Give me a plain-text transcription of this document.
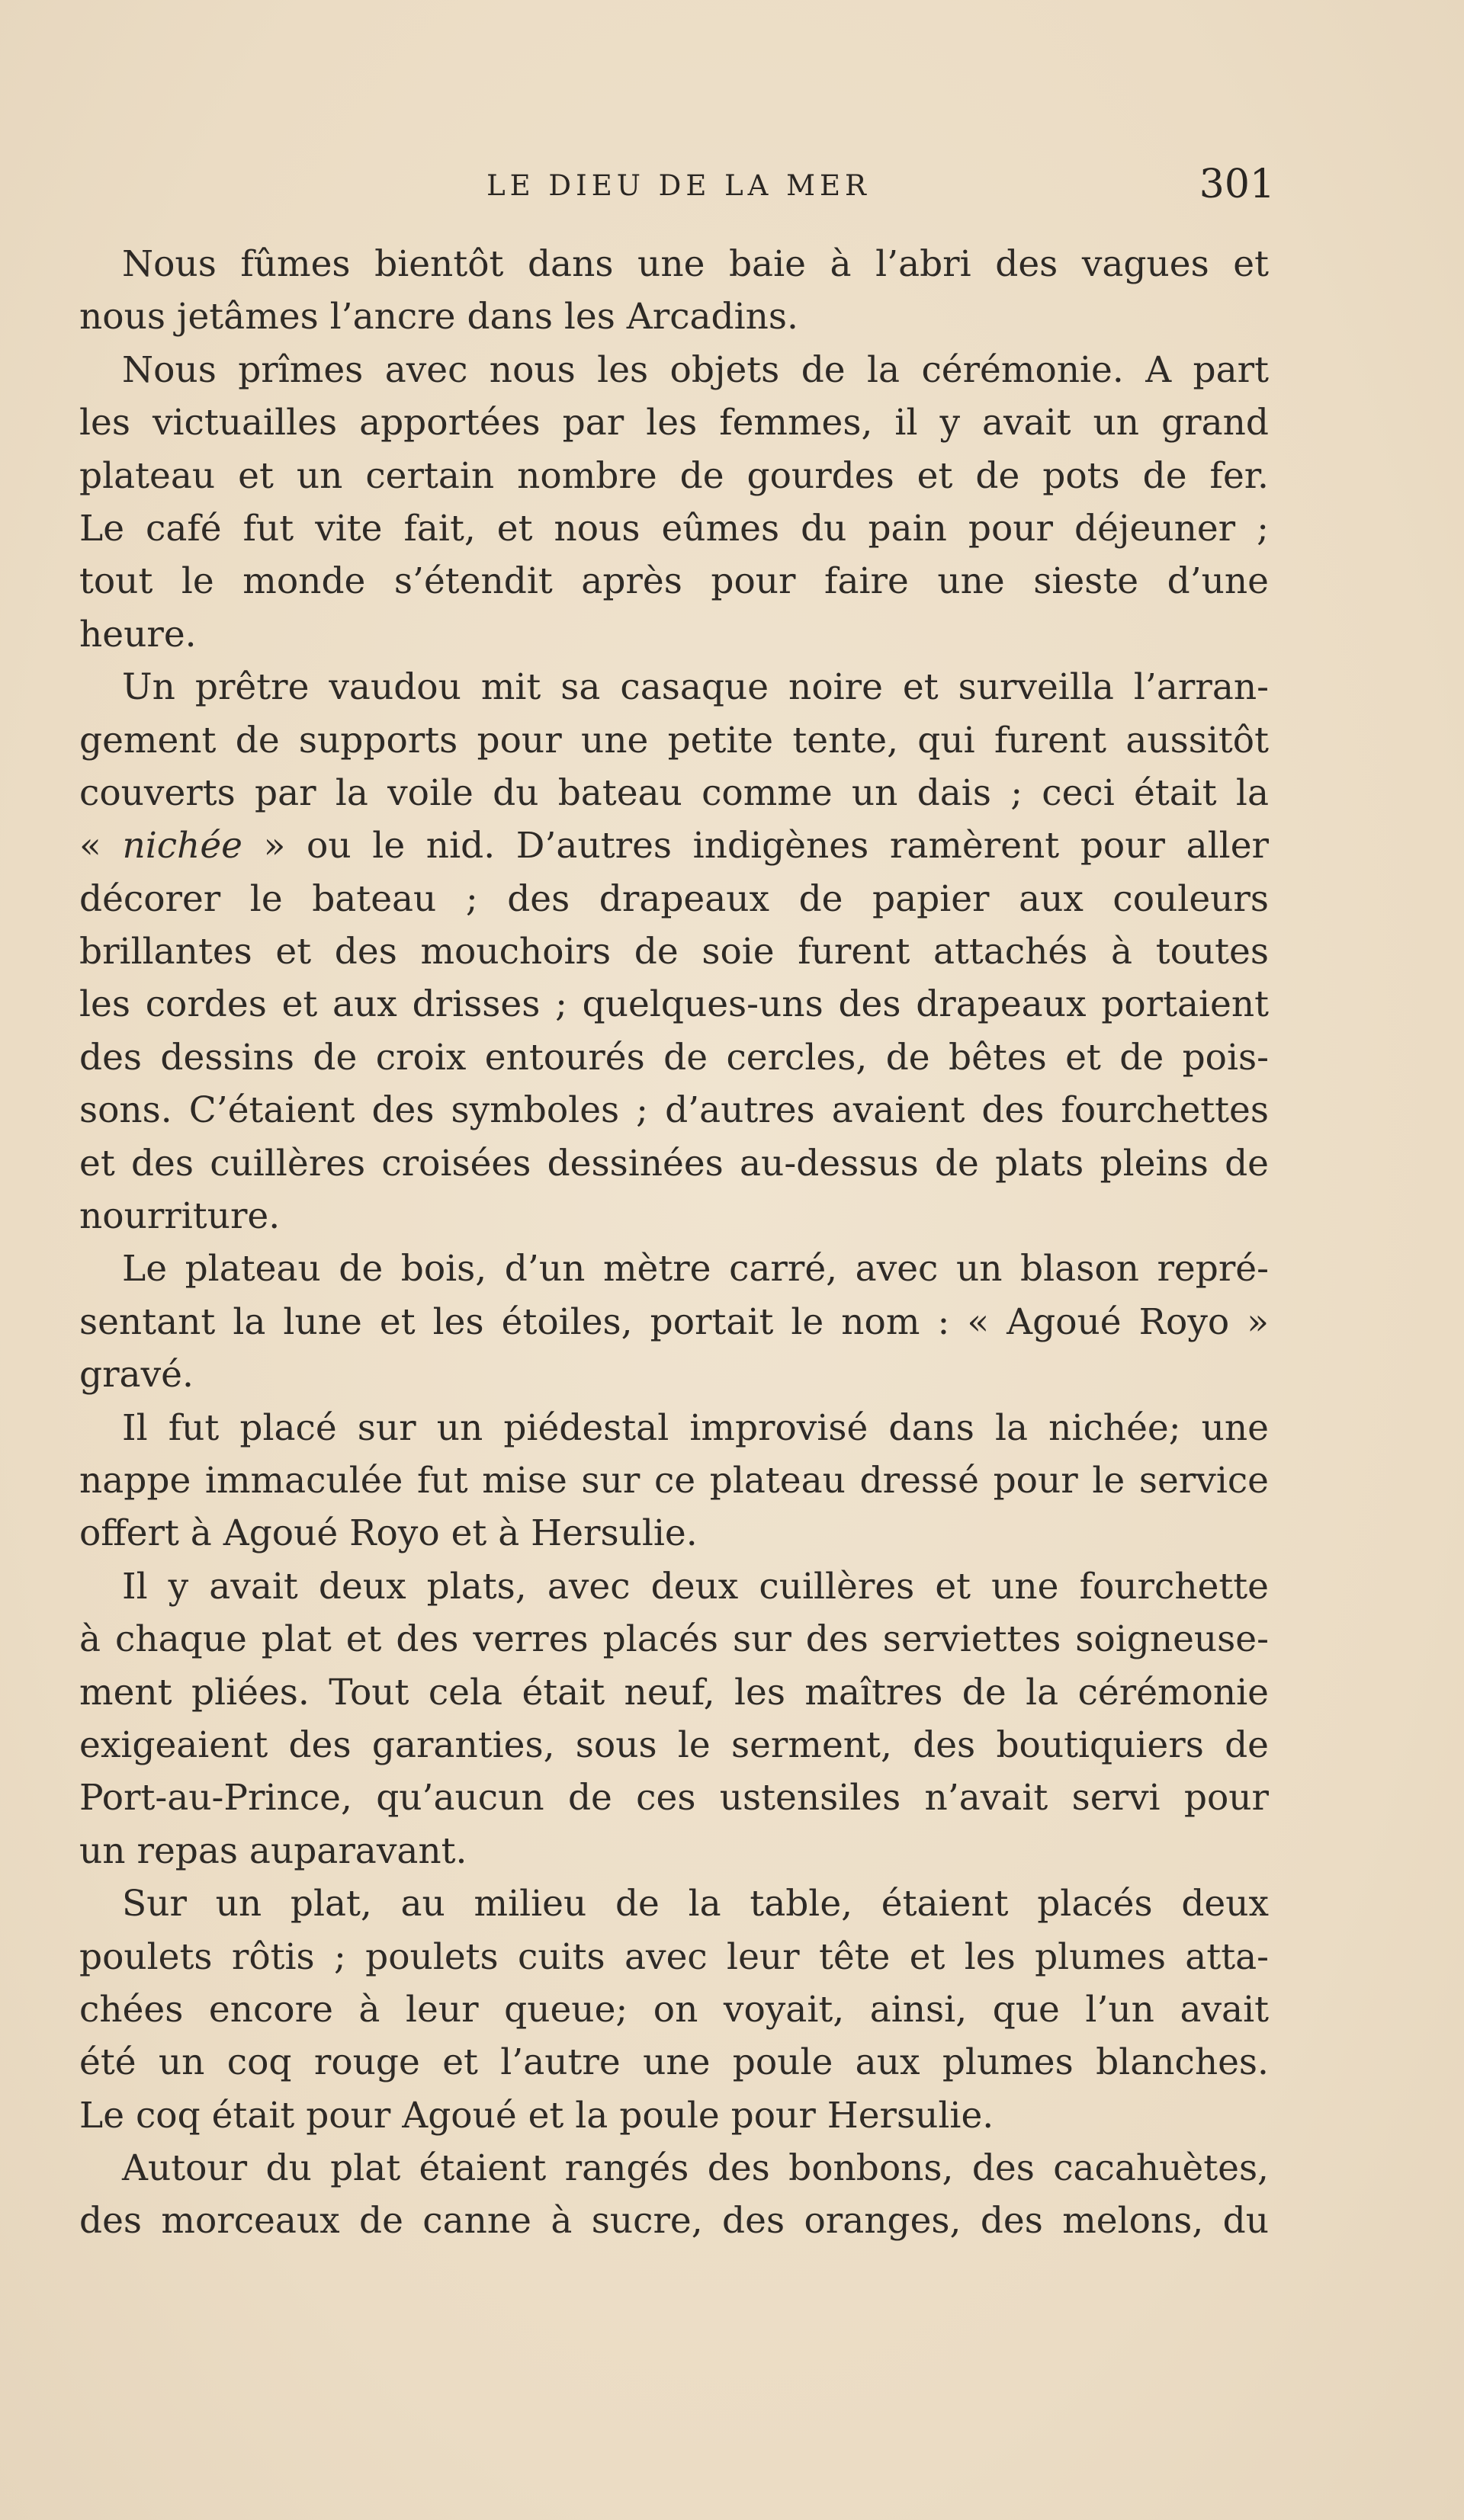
LE DIEU DE LA MER	301
Nous fûmes bientôt dans une baie à l’abri des vagues et
nous jetâmes l’ancre dans les Arcadins.
Nous prîmes avec nous les objets de la cérémonie. A part
les victuailles apportées par les femmes, il y avait un grand
plateau et un certain nombre de gourdes et de pots de fer.
Le café fut vite fait, et nous eûmes du pain pour déjeuner ;
tout le monde s’étendit après pour faire une sieste d’une
heure.
Un prêtre vaudou mit sa casaque noire et surveilla l’arran-
gement de supports pour une petite tente, qui furent aussitôt
couverts par la voile du bateau comme un dais ; ceci était la
« nichée » ou le nid. D’autres indigènes ramèrent pour aller
décorer le bateau ; des drapeaux de papier aux couleurs
brillantes et des mouchoirs de soie furent attachés à toutes
les cordes et aux drisses ; quelques-uns des drapeaux portaient
des dessins de croix entourés de cercles, de bêtes et de pois-
sons. C’étaient des symboles ; d’autres avaient des fourchettes
et des cuillères croisées dessinées au-dessus de plats pleins de
nourriture.
Le plateau de bois, d’un mètre carré, avec un blason repré-
sentant la lune et les étoiles, portait le nom : « Agoué Royo »
gravé.
Il fut placé sur un piédestal improvisé dans la nichée; une
nappe immaculée fut mise sur ce plateau dressé pour le service
offert à Agoué Royo et à Hersulie.
Il y avait deux plats, avec deux cuillères et une fourchette
à chaque plat et des verres placés sur des serviettes soigneuse-
ment pliées. Tout cela était neuf, les maîtres de la cérémonie
exigeaient des garanties, sous le serment, des boutiquiers de
Port-au-Prince, qu’aucun de ces ustensiles n’avait servi pour
un repas auparavant.
Sur un plat, au milieu de la table, étaient placés deux
poulets rôtis ; poulets cuits avec leur tête et les plumes atta-
chées encore à leur queue; on voyait, ainsi, que l’un avait
été un coq rouge et l’autre une poule aux plumes blanches.
Le coq était pour Agoué et la poule pour Hersulie.
Autour du plat étaient rangés des bonbons, des cacahuètes,
des morceaux de canne à sucre, des oranges, des melons, du
